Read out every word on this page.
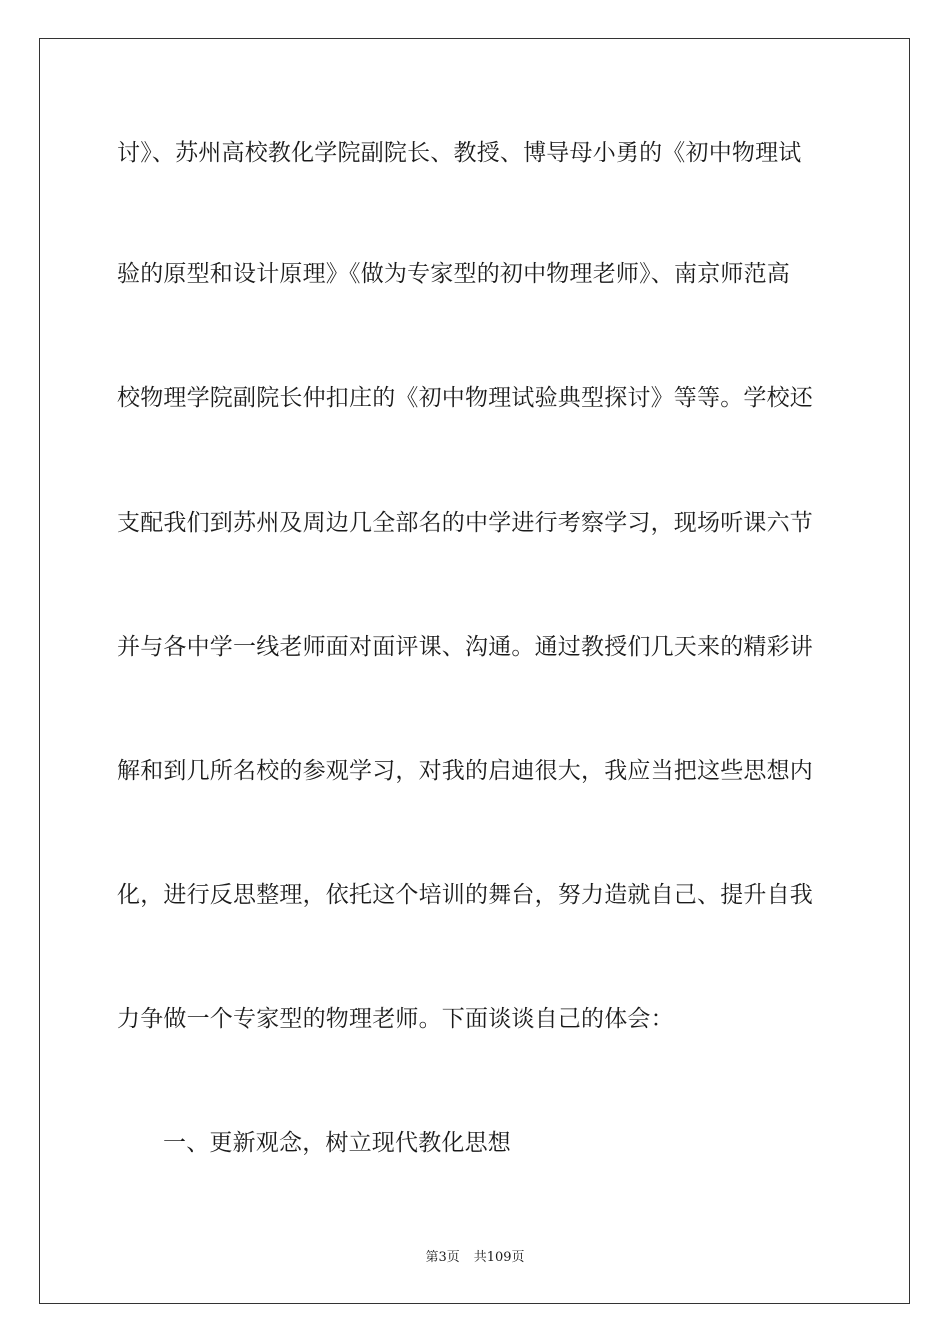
讨》、苏州高校教化学院副院长、教授、博导母小勇的《初中物理试
验的原型和设计原理》《做为专家型的初中物理老师》、南京师范高
校物理学院副院长仲扣庄的《初中物理试验典型探讨》等等。学校还
支配我们到苏州及周边几全部名的中学进行考察学习，现场听课六节
并与各中学一线老师面对面评课、沟通。通过教授们几天来的精彩讲
解和到几所名校的参观学习，对我的启迪很大，我应当把这些思想内
化，进行反思整理，依托这个培训的舞台，努力造就自己、提升自我
力争做一个专家型的物理老师。下面谈谈自己的体会：
一、更新观念，树立现代教化思想
第3页 共109页
